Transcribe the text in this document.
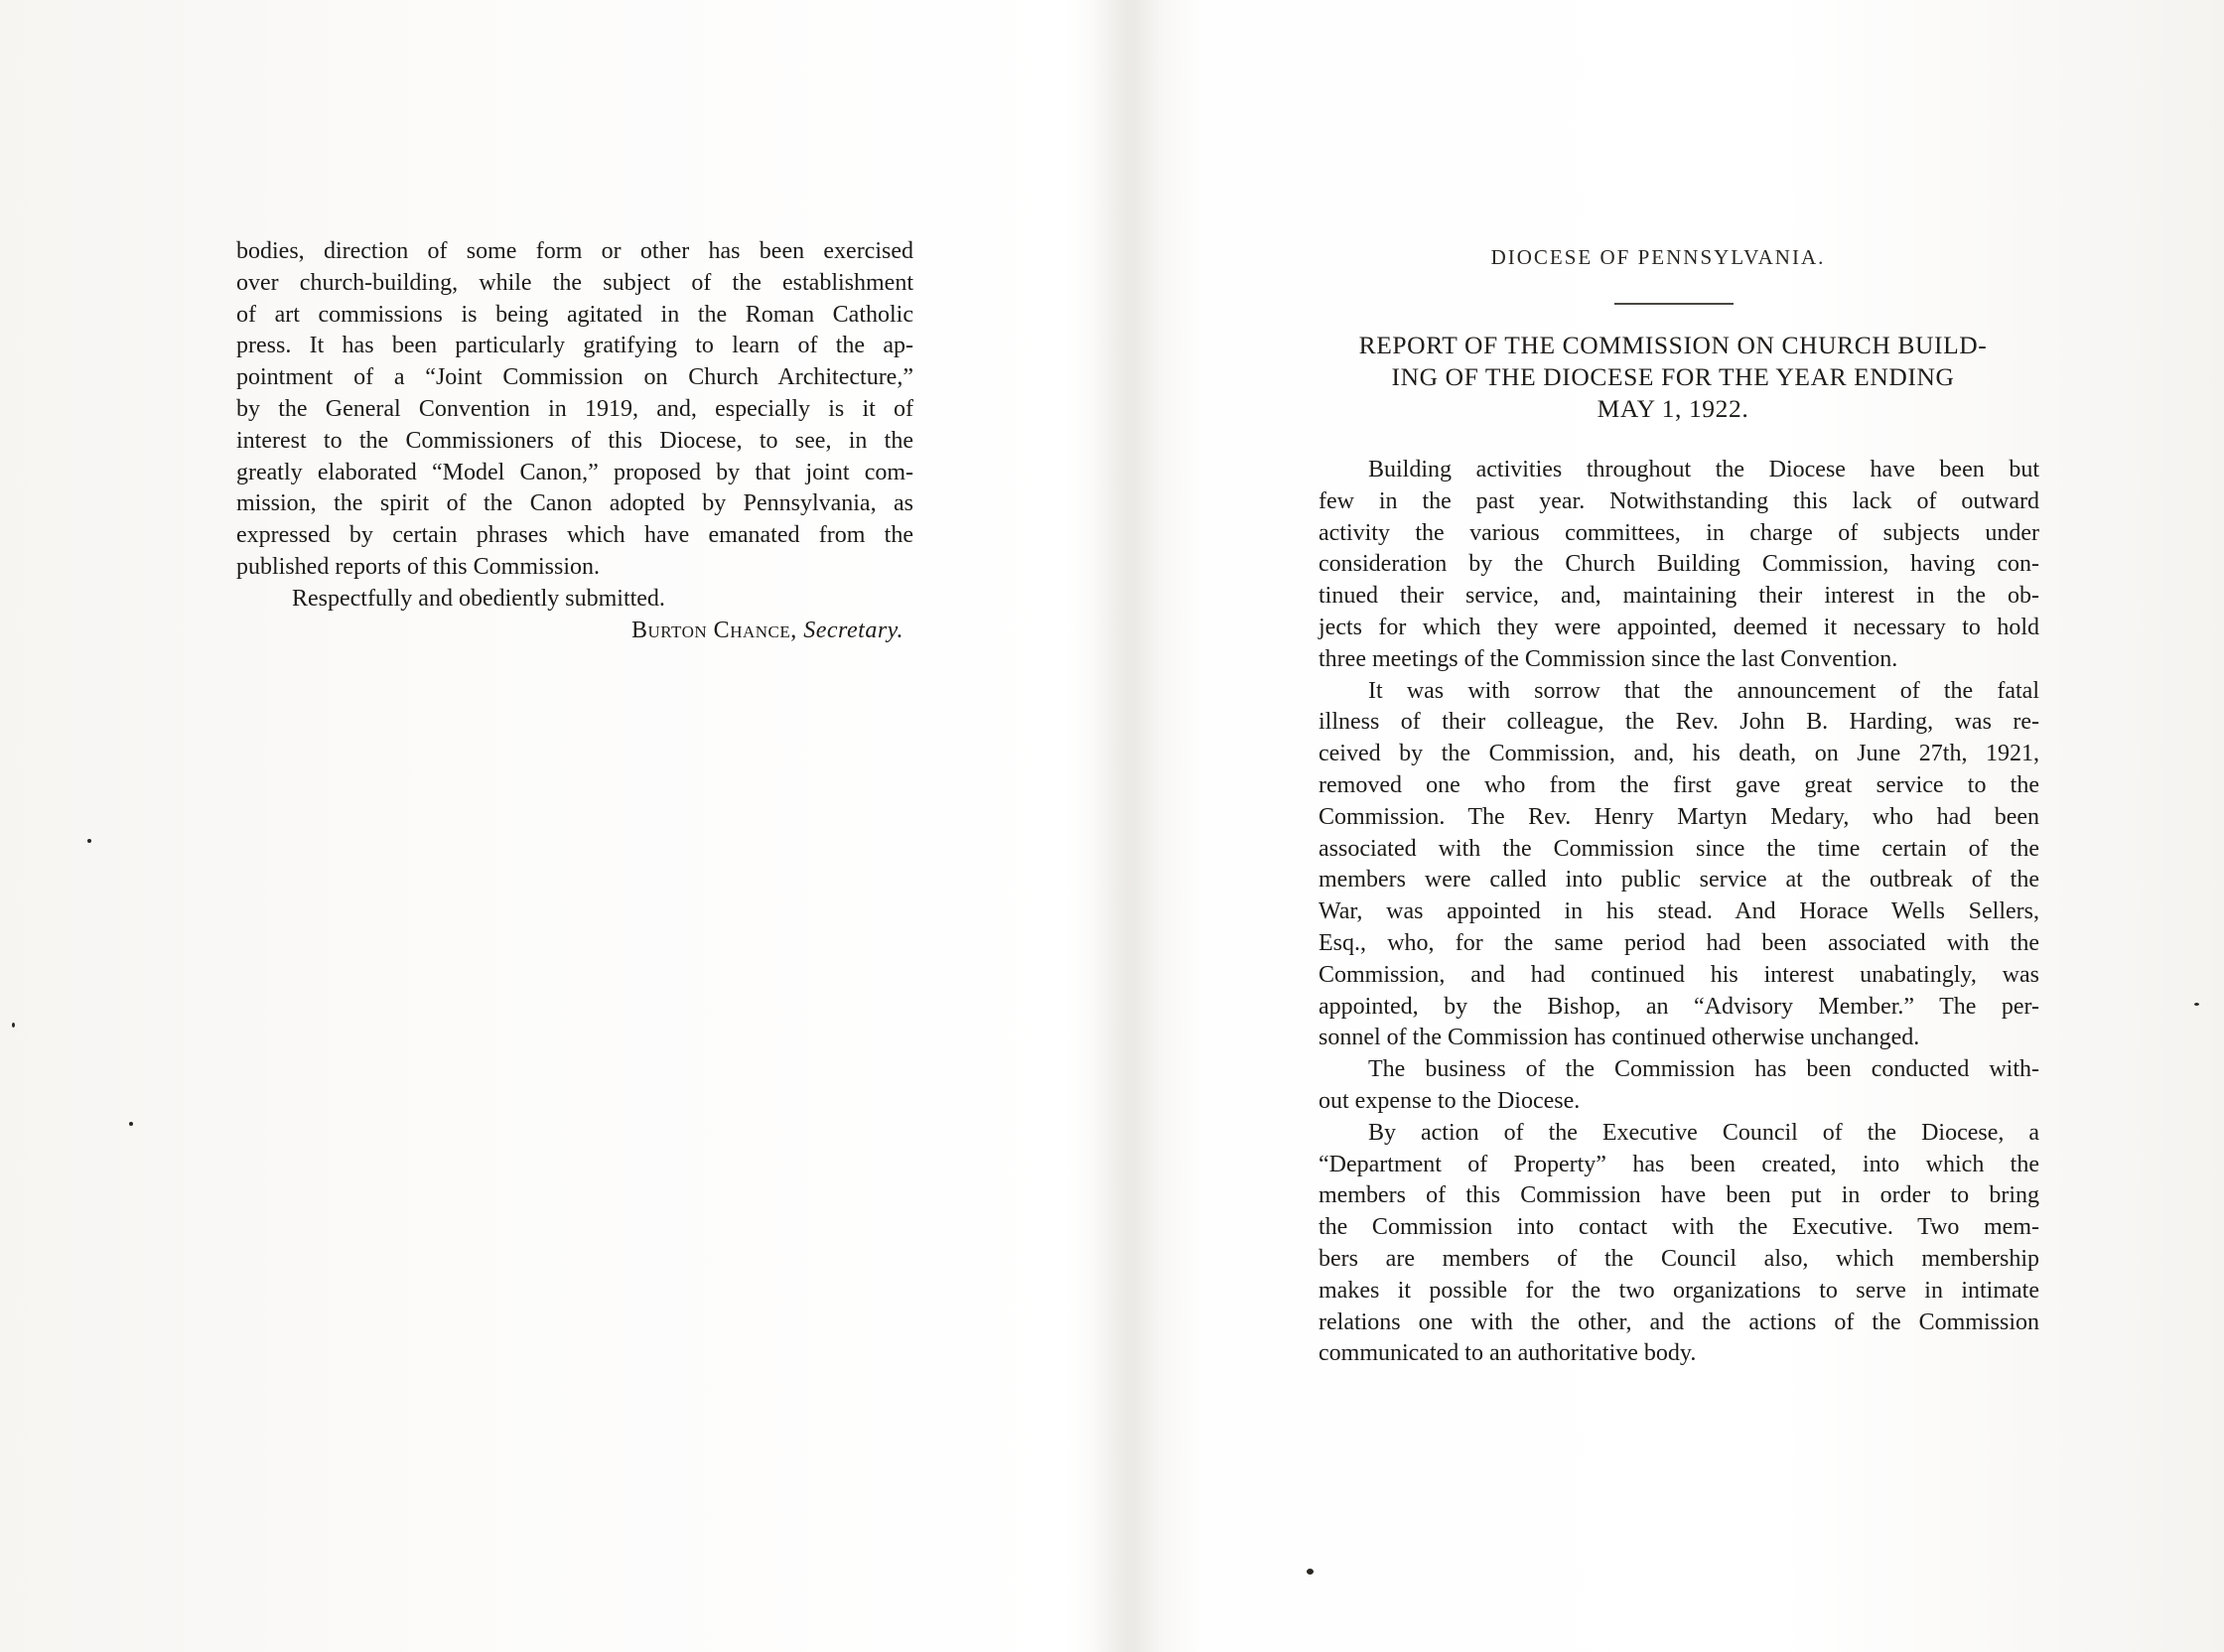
bodies, direction of some form or other has been exercised
over church-building, while the subject of the establishment
of art commissions is being agitated in the Roman Catholic
press. It has been particularly gratifying to learn of the ap-
pointment of a “Joint Commission on Church Architecture,”
by the General Convention in 1919, and, especially is it of
interest to the Commissioners of this Diocese, to see, in the
greatly elaborated “Model Canon,” proposed by that joint com-
mission, the spirit of the Canon adopted by Pennsylvania, as
expressed by certain phrases which have emanated from the
published reports of this Commission.
Respectfully and obediently submitted.
Burton Chance, Secretary.
DIOCESE OF PENNSYLVANIA.
REPORT OF THE COMMISSION ON CHURCH BUILD-
ING OF THE DIOCESE FOR THE YEAR ENDING
MAY 1, 1922.
Building activities throughout the Diocese have been but
few in the past year. Notwithstanding this lack of outward
activity the various committees, in charge of subjects under
consideration by the Church Building Commission, having con-
tinued their service, and, maintaining their interest in the ob-
jects for which they were appointed, deemed it necessary to hold
three meetings of the Commission since the last Convention.
It was with sorrow that the announcement of the fatal
illness of their colleague, the Rev. John B. Harding, was re-
ceived by the Commission, and, his death, on June 27th, 1921,
removed one who from the first gave great service to the
Commission. The Rev. Henry Martyn Medary, who had been
associated with the Commission since the time certain of the
members were called into public service at the outbreak of the
War, was appointed in his stead. And Horace Wells Sellers,
Esq., who, for the same period had been associated with the
Commission, and had continued his interest unabatingly, was
appointed, by the Bishop, an “Advisory Member.” The per-
sonnel of the Commission has continued otherwise unchanged.
The business of the Commission has been conducted with-
out expense to the Diocese.
By action of the Executive Council of the Diocese, a
“Department of Property” has been created, into which the
members of this Commission have been put in order to bring
the Commission into contact with the Executive. Two mem-
bers are members of the Council also, which membership
makes it possible for the two organizations to serve in intimate
relations one with the other, and the actions of the Commission
communicated to an authoritative body.
